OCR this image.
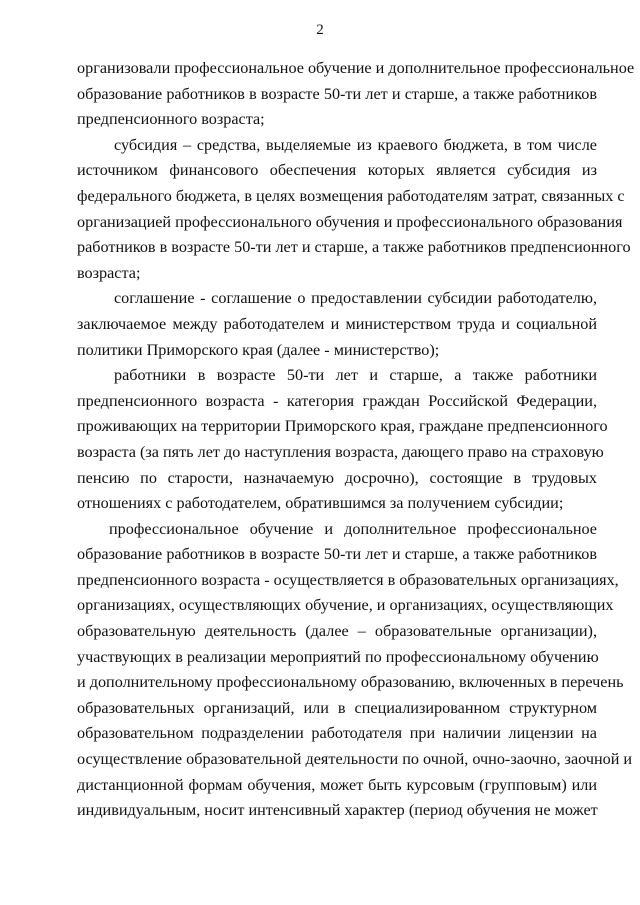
2
организовали профессиональное обучение и дополнительное профессиональное
образование работников в возрасте 50-ти лет и старше, а также работников
предпенсионного возраста;
субсидия – средства, выделяемые из краевого бюджета, в том числе
источником финансового обеспечения которых является субсидия из
федерального бюджета, в целях возмещения работодателям затрат, связанных с
организацией профессионального обучения и профессионального образования
работников в возрасте 50-ти лет и старше, а также работников предпенсионного
возраста;
соглашение - соглашение о предоставлении субсидии работодателю,
заключаемое между работодателем и министерством труда и социальной
политики Приморского края (далее - министерство);
работники в возрасте 50-ти лет и старше, а также работники
предпенсионного возраста - категория граждан Российской Федерации,
проживающих на территории Приморского края, граждане предпенсионного
возраста (за пять лет до наступления возраста, дающего право на страховую
пенсию по старости, назначаемую досрочно), состоящие в трудовых
отношениях с работодателем, обратившимся за получением субсидии;
профессиональное обучение и дополнительное профессиональное
образование работников в возрасте 50-ти лет и старше, а также работников
предпенсионного возраста - осуществляется в образовательных организациях,
организациях, осуществляющих обучение, и организациях, осуществляющих
образовательную деятельность (далее – образовательные организации),
участвующих в реализации мероприятий по профессиональному обучению
и дополнительному профессиональному образованию, включенных в перечень
образовательных организаций, или в специализированном структурном
образовательном подразделении работодателя при наличии лицензии на
осуществление образовательной деятельности по очной, очно-заочно, заочной и
дистанционной формам обучения, может быть курсовым (групповым) или
индивидуальным, носит интенсивный характер (период обучения не может
